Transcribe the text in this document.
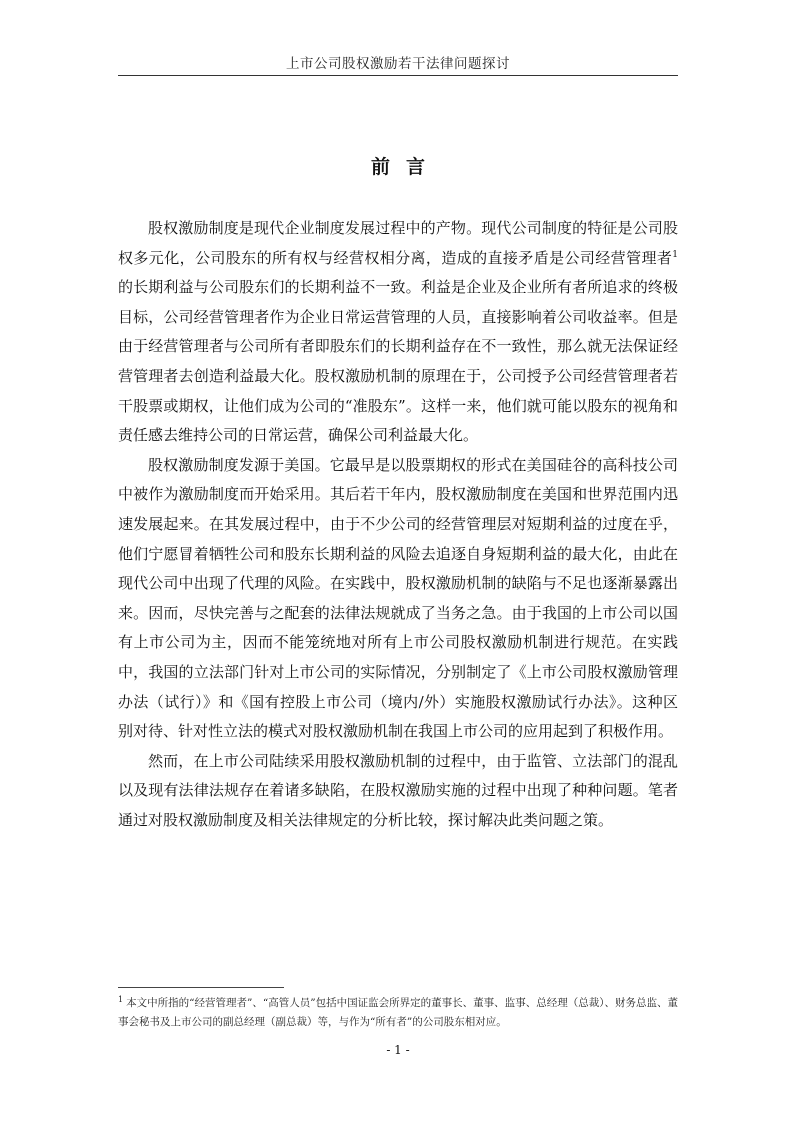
上市公司股权激励若干法律问题探讨
前言

股权激励制度是现代企业制度发展过程中的产物。现代公司制度的特征是公司股权多元化，公司股东的所有权与经营权相分离，造成的直接矛盾是公司经营管理者$^1$的长期利益与公司股东们的长期利益不一致。利益是企业及企业所有者所追求的终极目标，公司经营管理者作为企业日常运营管理的人员，直接影响着公司收益率。但是由于经营管理者与公司所有者即股东们的长期利益存在不一致性，那么就无法保证经营管理者去创造利益最大化。股权激励机制的原理在于，公司授予公司经营管理者若干股票或期权，让他们成为公司的“准股东”。这样一来，他们就可能以股东的视角和责任感去维持公司的日常运营，确保公司利益最大化。

股权激励制度发源于美国。它最早是以股票期权的形式在美国硅谷的高科技公司中被作为激励制度而开始采用。其后若干年内，股权激励制度在美国和世界范围内迅速发展起来。在其发展过程中，由于不少公司的经营管理层对短期利益的过度在乎，他们宁愿冒着牺牲公司和股东长期利益的风险去追逐自身短期利益的最大化，由此在现代公司中出现了代理的风险。在实践中，股权激励机制的缺陷与不足也逐渐暴露出来。因而，尽快完善与之配套的法律法规就成了当务之急。由于我国的上市公司以国有上市公司为主，因而不能笼统地对所有上市公司股权激励机制进行规范。在实践中，我国的立法部门针对上市公司的实际情况，分别制定了《上市公司股权激励管理办法（试行）》和《国有控股上市公司（境内/外）实施股权激励试行办法》。这种区别对待、针对性立法的模式对股权激励机制在我国上市公司的应用起到了积极作用。

然而，在上市公司陆续采用股权激励机制的过程中，由于监管、立法部门的混乱以及现有法律法规存在着诸多缺陷，在股权激励实施的过程中出现了种种问题。笔者通过对股权激励制度及相关法律规定的分析比较，探讨解决此类问题之策。

$^1$ 本文中所指的“经营管理者”、“高管人员”包括中国证监会所界定的董事长、董事、监事、总经理（总裁）、财务总监、董事会秘书及上市公司的副总经理（副总裁）等，与作为“所有者”的公司股东相对应。
- 1 -
